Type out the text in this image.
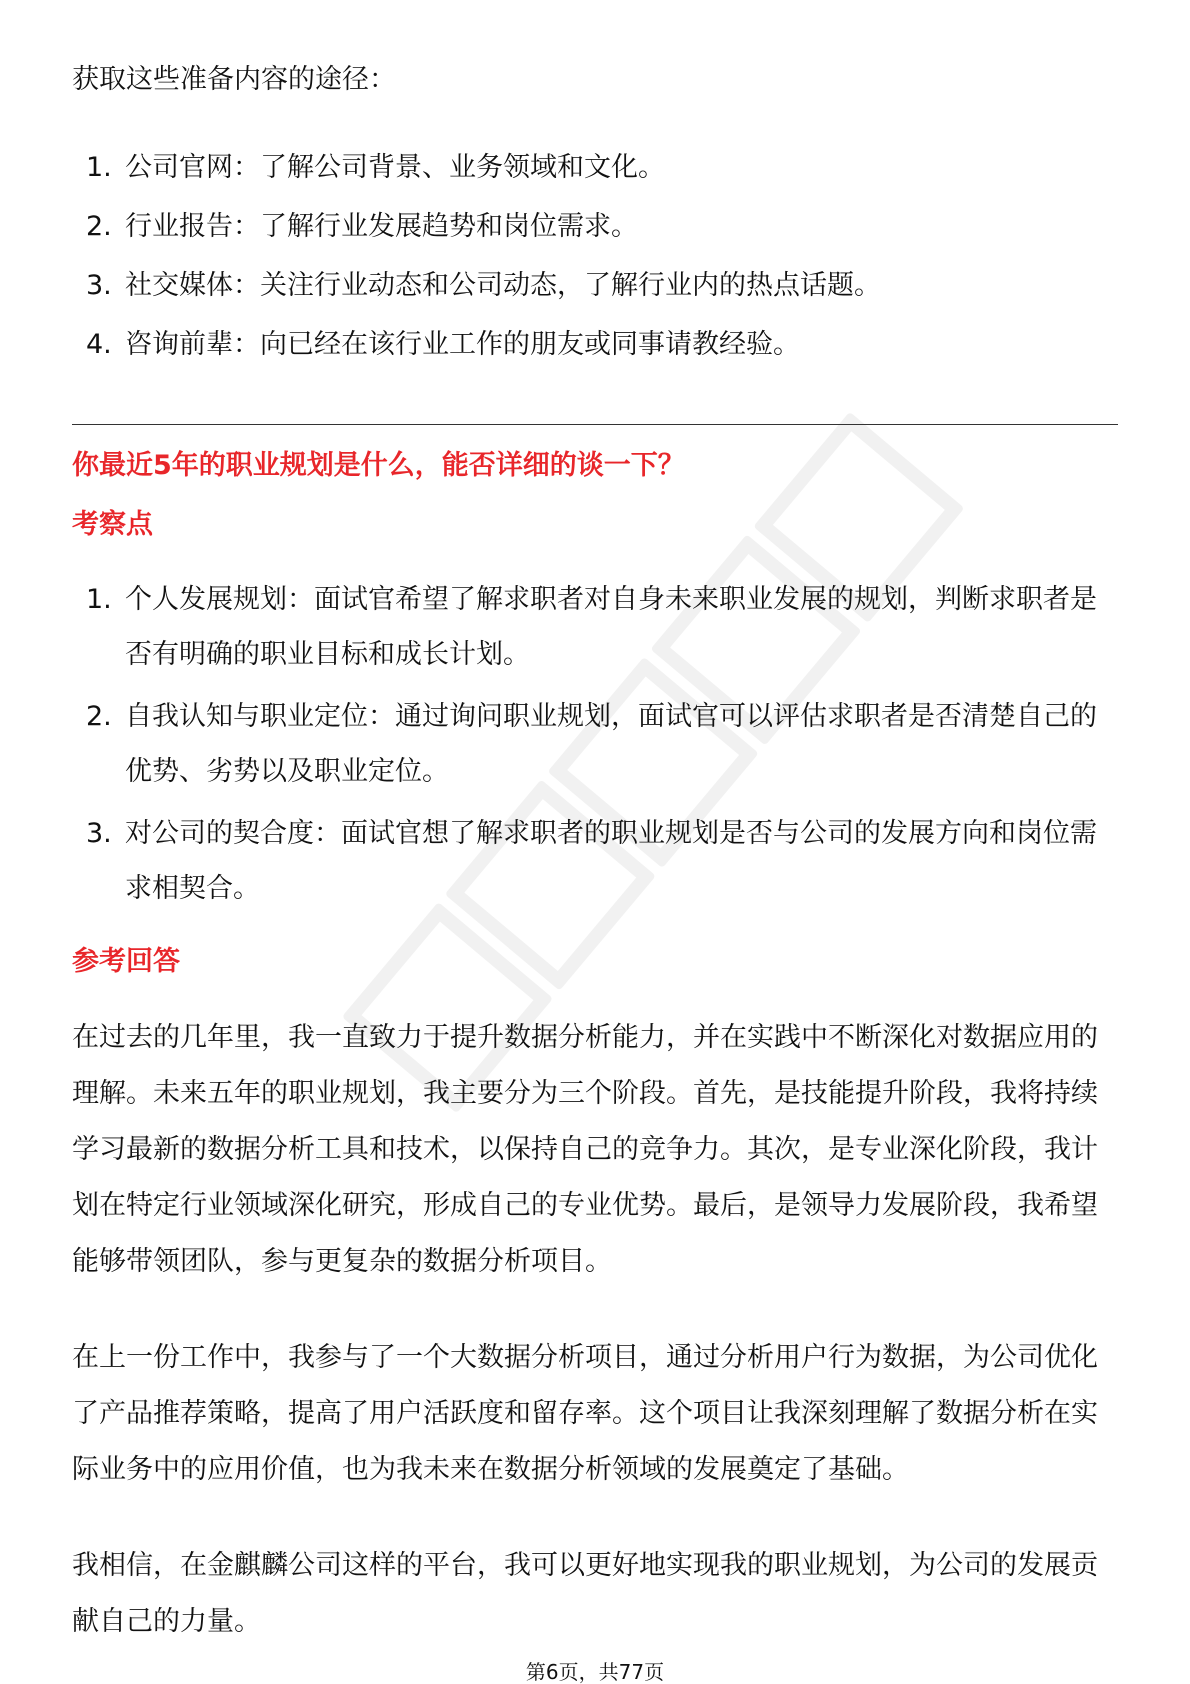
获取这些准备内容的途径：

1. 公司官网：了解公司背景、业务领域和文化。
2. 行业报告：了解行业发展趋势和岗位需求。
3. 社交媒体：关注行业动态和公司动态，了解行业内的热点话题。
4. 咨询前辈：向已经在该行业工作的朋友或同事请教经验。
你最近5年的职业规划是什么，能否详细的谈一下？
考察点
1. 个人发展规划：面试官希望了解求职者对自身未来职业发展的规划，判断求职者是否有明确的职业目标和成长计划。
2. 自我认知与职业定位：通过询问职业规划，面试官可以评估求职者是否清楚自己的优势、劣势以及职业定位。
3. 对公司的契合度：面试官想了解求职者的职业规划是否与公司的发展方向和岗位需求相契合。
参考回答

在过去的几年里，我一直致力于提升数据分析能力，并在实践中不断深化对数据应用的理解。未来五年的职业规划，我主要分为三个阶段。首先，是技能提升阶段，我将持续学习最新的数据分析工具和技术，以保持自己的竞争力。其次，是专业深化阶段，我计划在特定行业领域深化研究，形成自己的专业优势。最后，是领导力发展阶段，我希望能够带领团队，参与更复杂的数据分析项目。

在上一份工作中，我参与了一个大数据分析项目，通过分析用户行为数据，为公司优化了产品推荐策略，提高了用户活跃度和留存率。这个项目让我深刻理解了数据分析在实际业务中的应用价值，也为我未来在数据分析领域的发展奠定了基础。

我相信，在金麒麟公司这样的平台，我可以更好地实现我的职业规划，为公司的发展贡献自己的力量。

第6页，共77页
